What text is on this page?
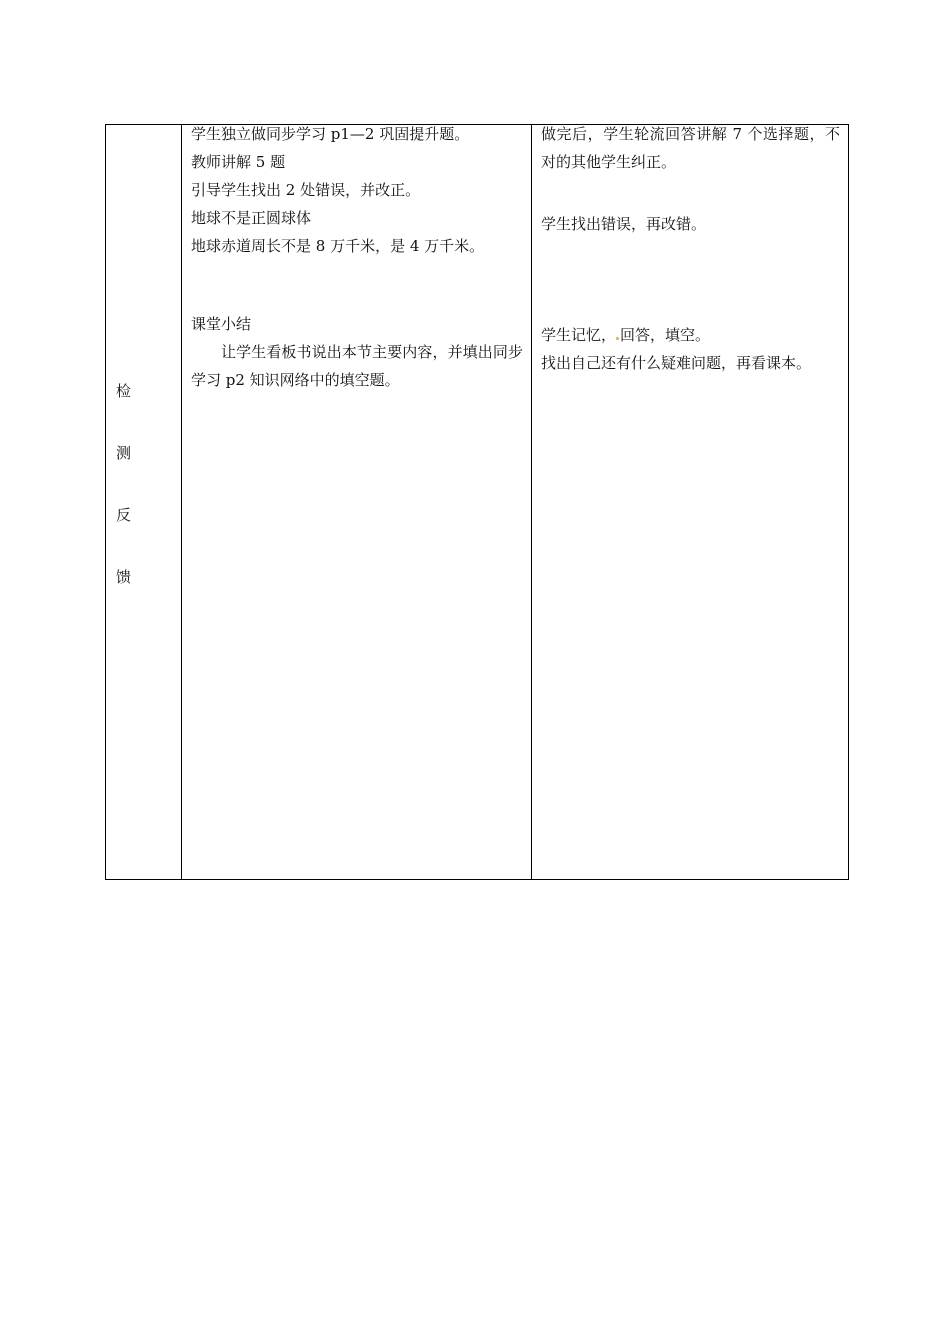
检
测
反
馈
学生独立做同步学习 p1—2 巩固提升题。
教师讲解 5 题
引导学生找出 2 处错误，并改正。
地球不是正圆球体
地球赤道周长不是 8 万千米，是 4 万千米。
课堂小结
让学生看板书说出本节主要内容，并填出同步学习 p2 知识网络中的填空题。
做完后，学生轮流回答讲解 7 个选择题，不对的其他学生纠正。
学生找出错误，再改错。
学生记忆， 回答，填空。
找出自己还有什么疑难问题，再看课本。
